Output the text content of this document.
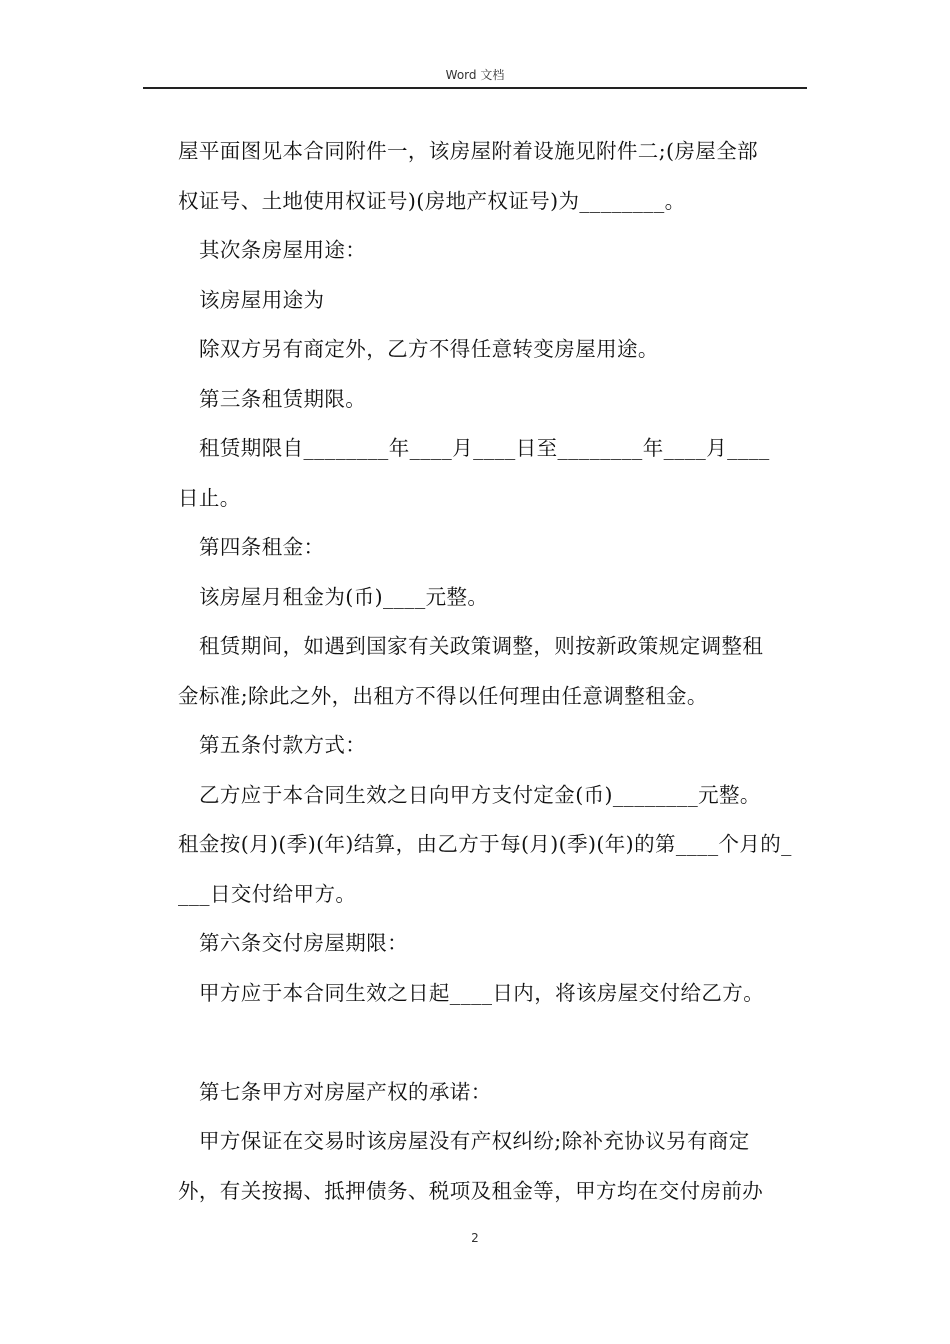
Word 文档

屋平面图见本合同附件一，该房屋附着设施见附件二;(房屋全部

权证号、土地使用权证号)(房地产权证号)为________。

其次条房屋用途：

该房屋用途为

除双方另有商定外，乙方不得任意转变房屋用途。

第三条租赁期限。

租赁期限自________年____月____日至________年____月____

日止。

第四条租金：

该房屋月租金为(币)____元整。

租赁期间，如遇到国家有关政策调整，则按新政策规定调整租

金标准;除此之外，出租方不得以任何理由任意调整租金。

第五条付款方式：

乙方应于本合同生效之日向甲方支付定金(币)________元整。

租金按(月)(季)(年)结算，由乙方于每(月)(季)(年)的第____个月的_

___日交付给甲方。

第六条交付房屋期限：

甲方应于本合同生效之日起____日内，将该房屋交付给乙方。

第七条甲方对房屋产权的承诺：

甲方保证在交易时该房屋没有产权纠纷;除补充协议另有商定

外，有关按揭、抵押债务、税项及租金等，甲方均在交付房前办

2
